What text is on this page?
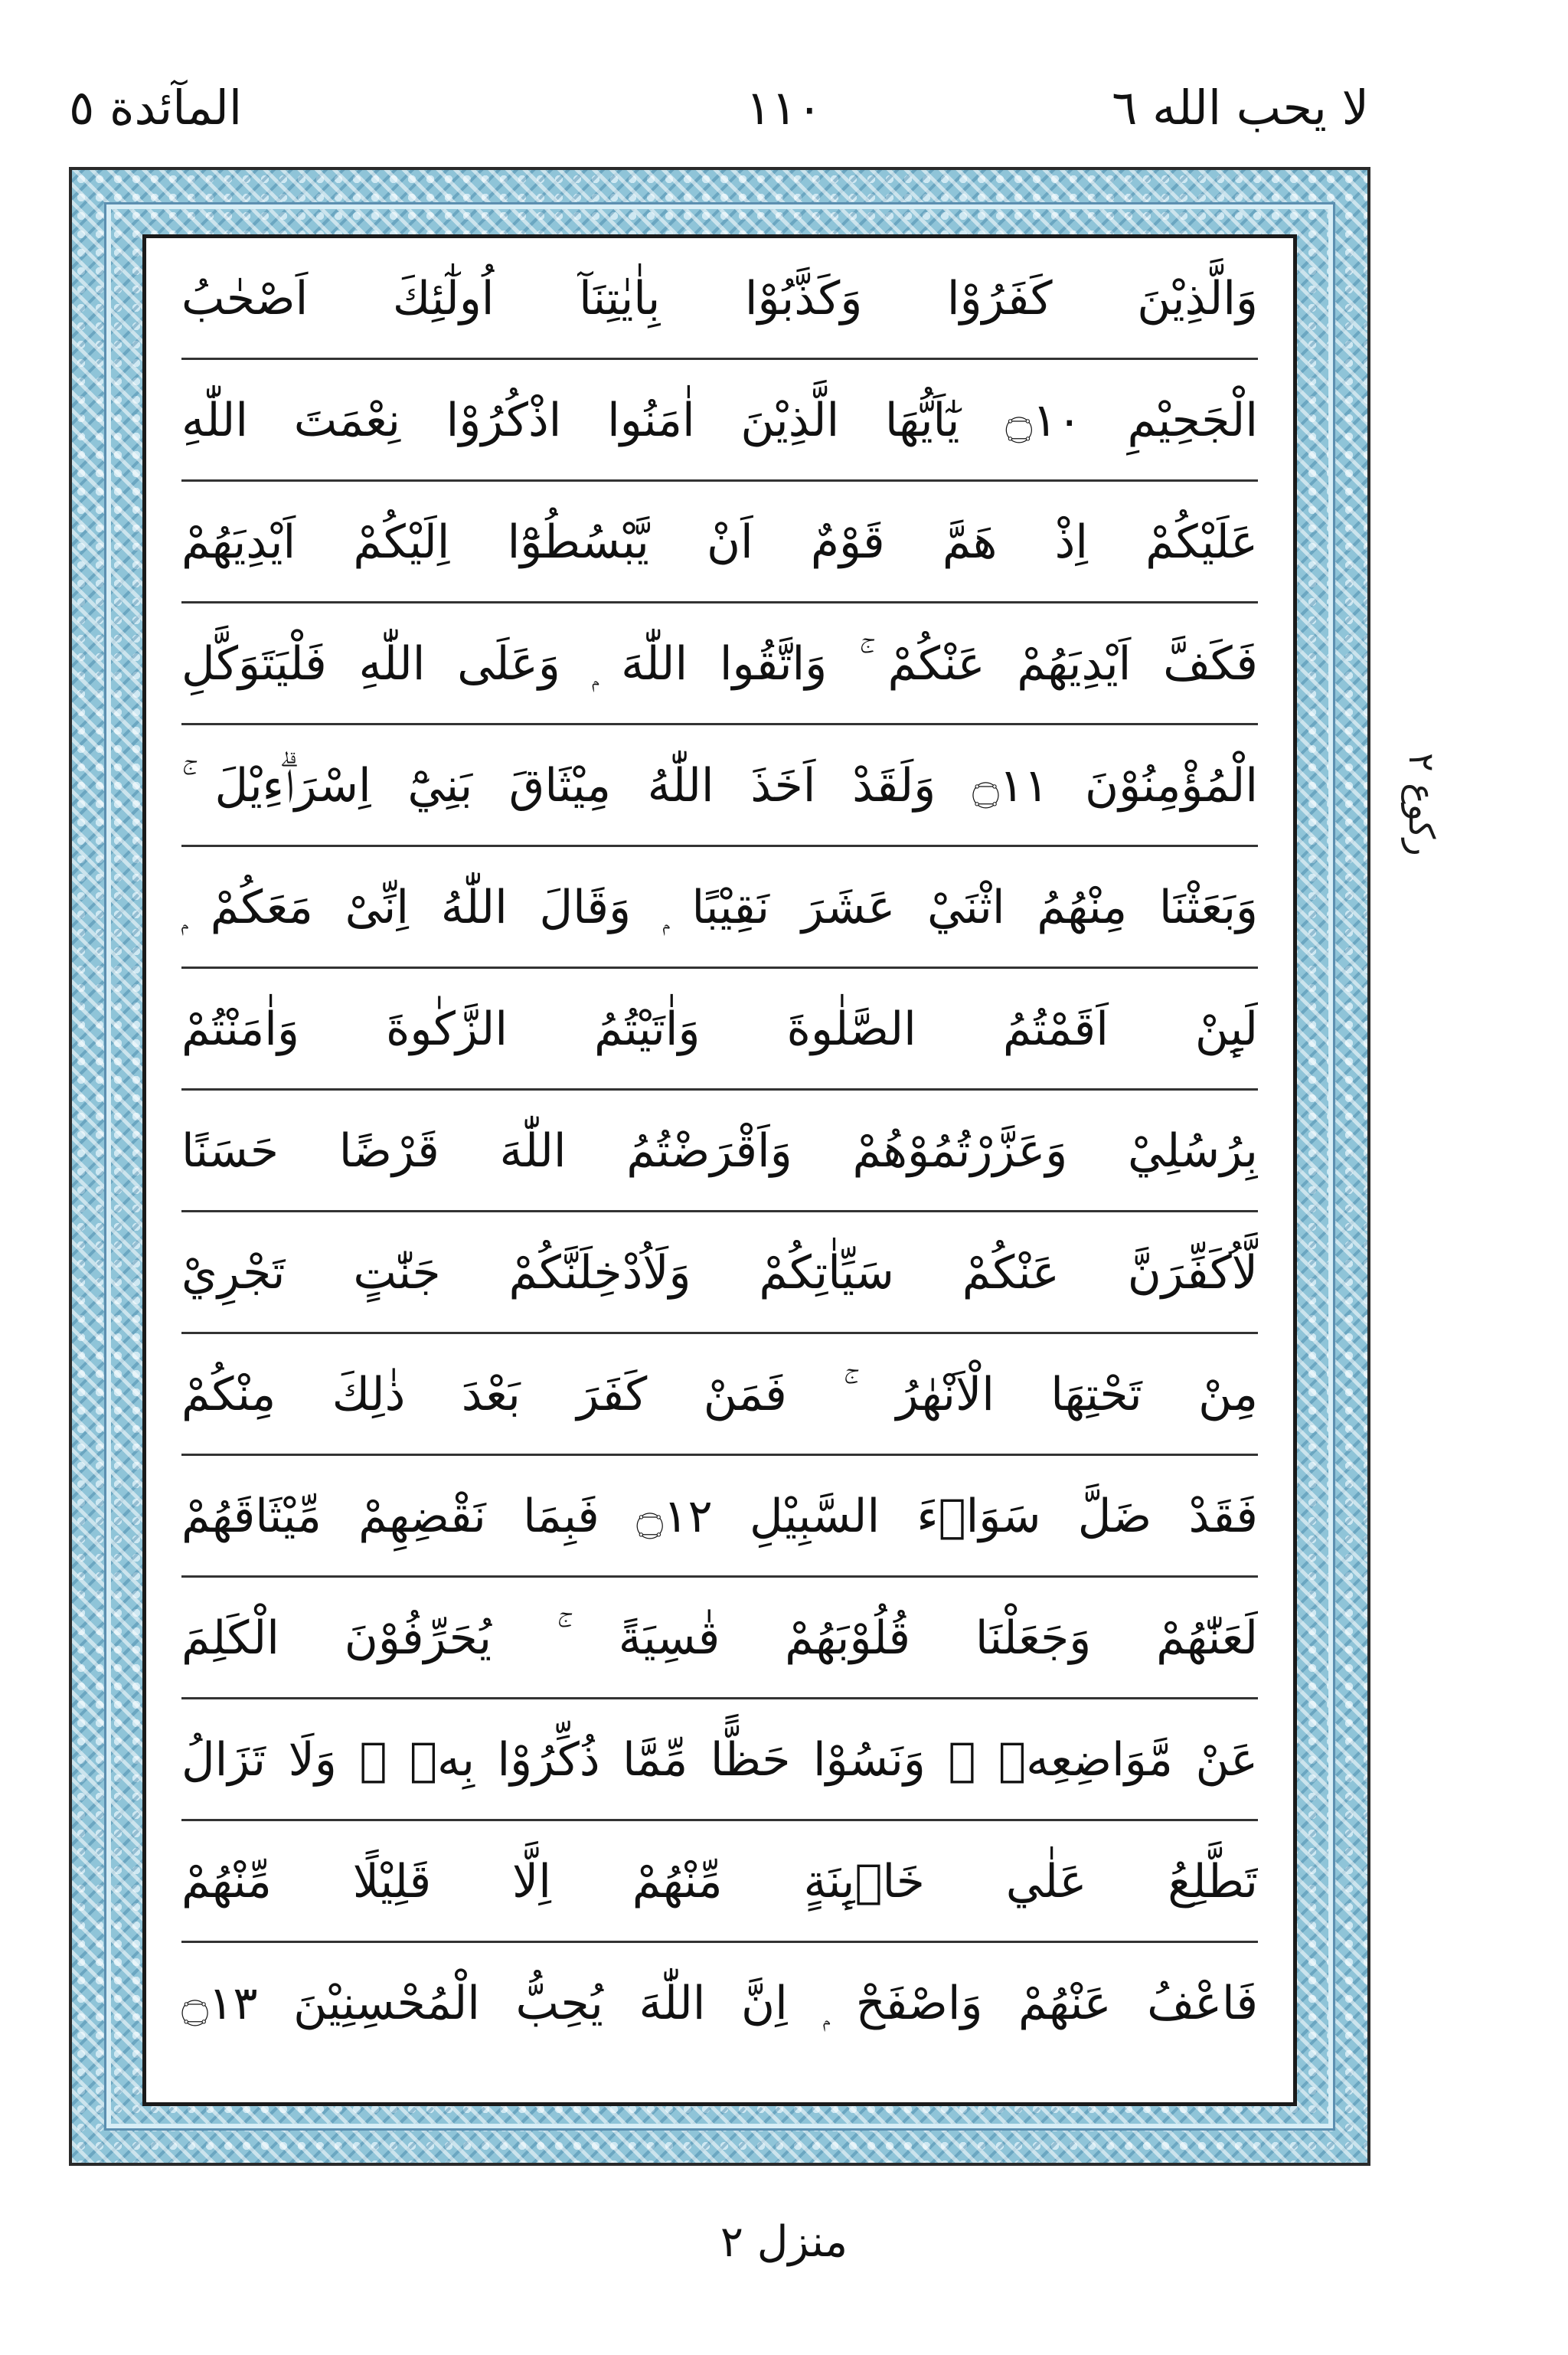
لا يحب الله ٦
١١٠
المآئدة ٥
وَالَّذِيْنَ كَفَرُوْا وَكَذَّبُوْا بِاٰيٰتِنَآ اُولٰٓئِكَ اَصْحٰبُ
الْجَحِيْمِ ۝١٠ يٰٓاَيُّهَا الَّذِيْنَ اٰمَنُوا اذْكُرُوْا نِعْمَتَ اللّٰهِ
عَلَيْكُمْ اِذْ هَمَّ قَوْمٌ اَنْ يَّبْسُطُوْٓا اِلَيْكُمْ اَيْدِيَهُمْ
فَكَفَّ اَيْدِيَهُمْ عَنْكُمْ ۚ وَاتَّقُوا اللّٰهَ ۭ وَعَلَى اللّٰهِ فَلْيَتَوَكَّلِ
الْمُؤْمِنُوْنَ ۝١١ وَلَقَدْ اَخَذَ اللّٰهُ مِيْثَاقَ بَنِيْٓ اِسْرَاۗءِيْلَ ۚ
وَبَعَثْنَا مِنْهُمُ اثْنَيْ عَشَرَ نَقِيْبًا ۭ وَقَالَ اللّٰهُ اِنِّىْ مَعَكُمْ ۭ
لَىِٕنْ اَقَمْتُمُ الصَّلٰوةَ وَاٰتَيْتُمُ الزَّكٰوةَ وَاٰمَنْتُمْ
بِرُسُلِيْ وَعَزَّرْتُمُوْهُمْ وَاَقْرَضْتُمُ اللّٰهَ قَرْضًا حَسَنًا
لَّاُكَفِّرَنَّ عَنْكُمْ سَيِّاٰتِكُمْ وَلَاُدْخِلَنَّكُمْ جَنّٰتٍ تَجْرِيْ
مِنْ تَحْتِهَا الْاَنْهٰرُ ۚ فَمَنْ كَفَرَ بَعْدَ ذٰلِكَ مِنْكُمْ
فَقَدْ ضَلَّ سَوَاۗءَ السَّبِيْلِ ۝١٢ فَبِمَا نَقْضِهِمْ مِّيْثَاقَهُمْ
لَعَنّٰهُمْ وَجَعَلْنَا قُلُوْبَهُمْ قٰسِيَةً ۚ يُحَرِّفُوْنَ الْكَلِمَ
عَنْ مَّوَاضِعِهٖ ۙ وَنَسُوْا حَظًّا مِّمَّا ذُكِّرُوْا بِهٖ ۚ وَلَا تَزَالُ
تَطَّلِعُ عَلٰي خَاۗىِٕنَةٍ مِّنْهُمْ اِلَّا قَلِيْلًا مِّنْهُمْ
فَاعْفُ عَنْهُمْ وَاصْفَحْ ۭ اِنَّ اللّٰهَ يُحِبُّ الْمُحْسِنِيْنَ ۝١٣
ركوع ٢
منزل ٢
